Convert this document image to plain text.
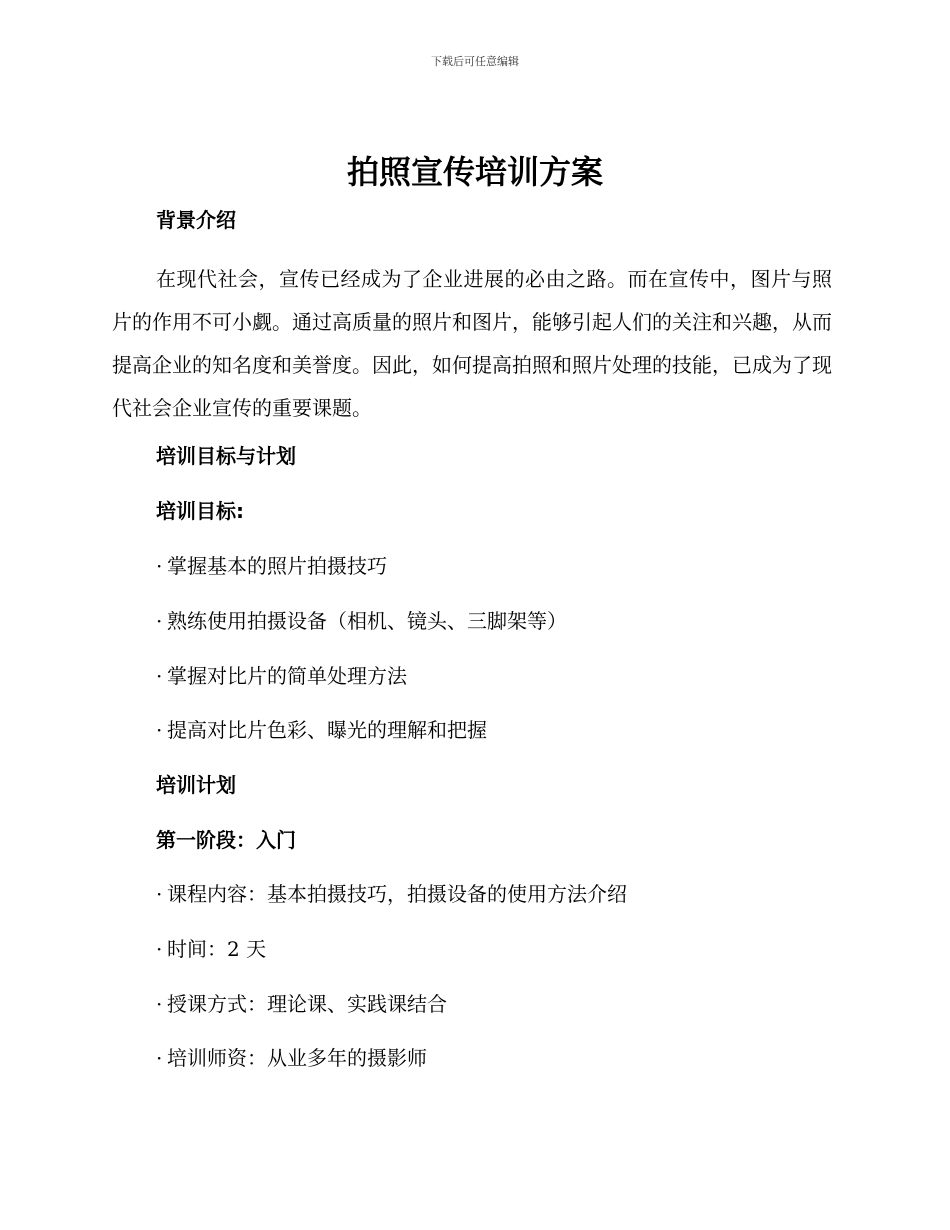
下载后可任意编辑
拍照宣传培训方案
背景介绍

在现代社会，宣传已经成为了企业进展的必由之路。而在宣传中，图片与照片的作用不可小觑。通过高质量的照片和图片，能够引起人们的关注和兴趣，从而提高企业的知名度和美誉度。因此，如何提高拍照和照片处理的技能，已成为了现代社会企业宣传的重要课题。

培训目标与计划
培训目标:
· 掌握基本的照片拍摄技巧
· 熟练使用拍摄设备（相机、镜头、三脚架等）
· 掌握对比片的简单处理方法
· 提高对比片色彩、曝光的理解和把握
培训计划
第一阶段：入门
· 课程内容：基本拍摄技巧，拍摄设备的使用方法介绍
· 时间：2 天
· 授课方式：理论课、实践课结合
· 培训师资：从业多年的摄影师
